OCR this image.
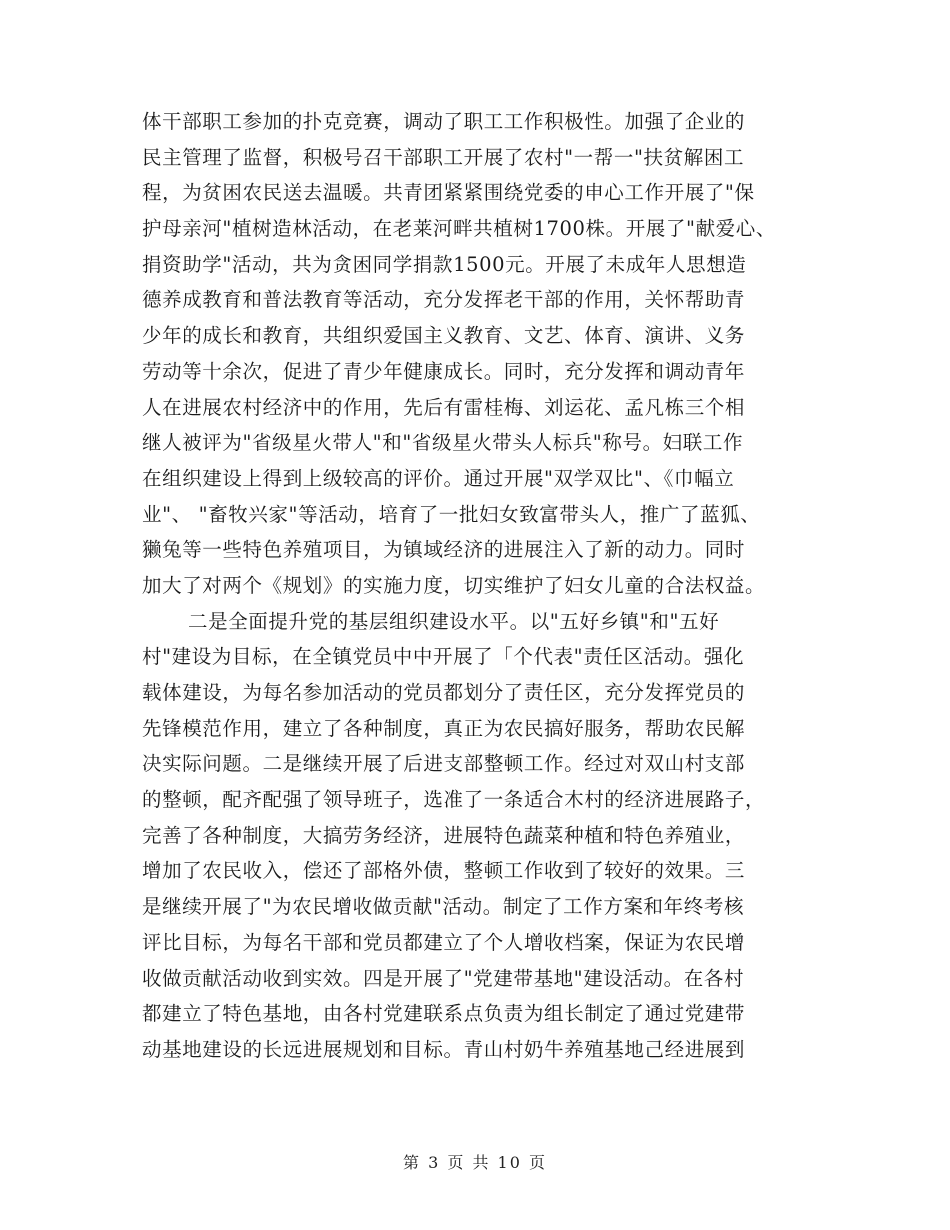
体干部职工参加的扑克竞赛，调动了职工工作积极性。加强了企业的
民主管理了监督，积极号召干部职工开展了农村"一帮一"扶贫解困工
程，为贫困农民送去温暖。共青团紧紧围绕党委的申心工作开展了"保
护母亲河"植树造林活动，在老莱河畔共植树1700株。开展了"献爱心、
捐资助学"活动，共为贪困同学捐款1500元。开展了未成年人思想造
德养成教育和普法教育等活动，充分发挥老干部的作用，关怀帮助青
少年的成长和教育，共组织爱国主义教育、文艺、体育、演讲、义务
劳动等十余次，促进了青少年健康成长。同时，充分发挥和调动青年
人在进展农村经济中的作用，先后有雷桂梅、刘运花、孟凡栋三个相
继人被评为"省级星火带人"和"省级星火带头人标兵"称号。妇联工作
在组织建设上得到上级较高的评价。通过开展"双学双比"、《巾幅立
业"、 "畜牧兴家"等活动，培育了一批妇女致富带头人，推广了蓝狐、
獭兔等一些特色养殖项目，为镇域经济的进展注入了新的动力。同时
加大了对两个《规划》的实施力度，切实维护了妇女儿童的合法权益。
二是全面提升党的基层组织建设水平。以"五好乡镇"和"五好
村"建设为目标，在全镇党员中中开展了「个代表"责任区活动。强化
载体建设，为每名参加活动的党员都划分了责任区，充分发挥党员的
先锋模范作用，建立了各种制度，真正为农民搞好服务，帮助农民解
决实际问题。二是继续开展了后进支部整顿工作。经过对双山村支部
的整顿，配齐配强了领导班子，选准了一条适合木村的经济进展路子，
完善了各种制度，大搞劳务经济，进展特色蔬菜种植和特色养殖业，
增加了农民收入，偿还了部格外债，整顿工作收到了较好的效果。三
是继续开展了"为农民增收做贡献"活动。制定了工作方案和年终考核
评比目标，为每名干部和党员都建立了个人增收档案，保证为农民增
收做贡献活动收到实效。四是开展了"党建带基地"建设活动。在各村
都建立了特色基地，由各村党建联系点负责为组长制定了通过党建带
动基地建设的长远进展规划和目标。青山村奶牛养殖基地己经进展到
第 3 页 共 10 页
